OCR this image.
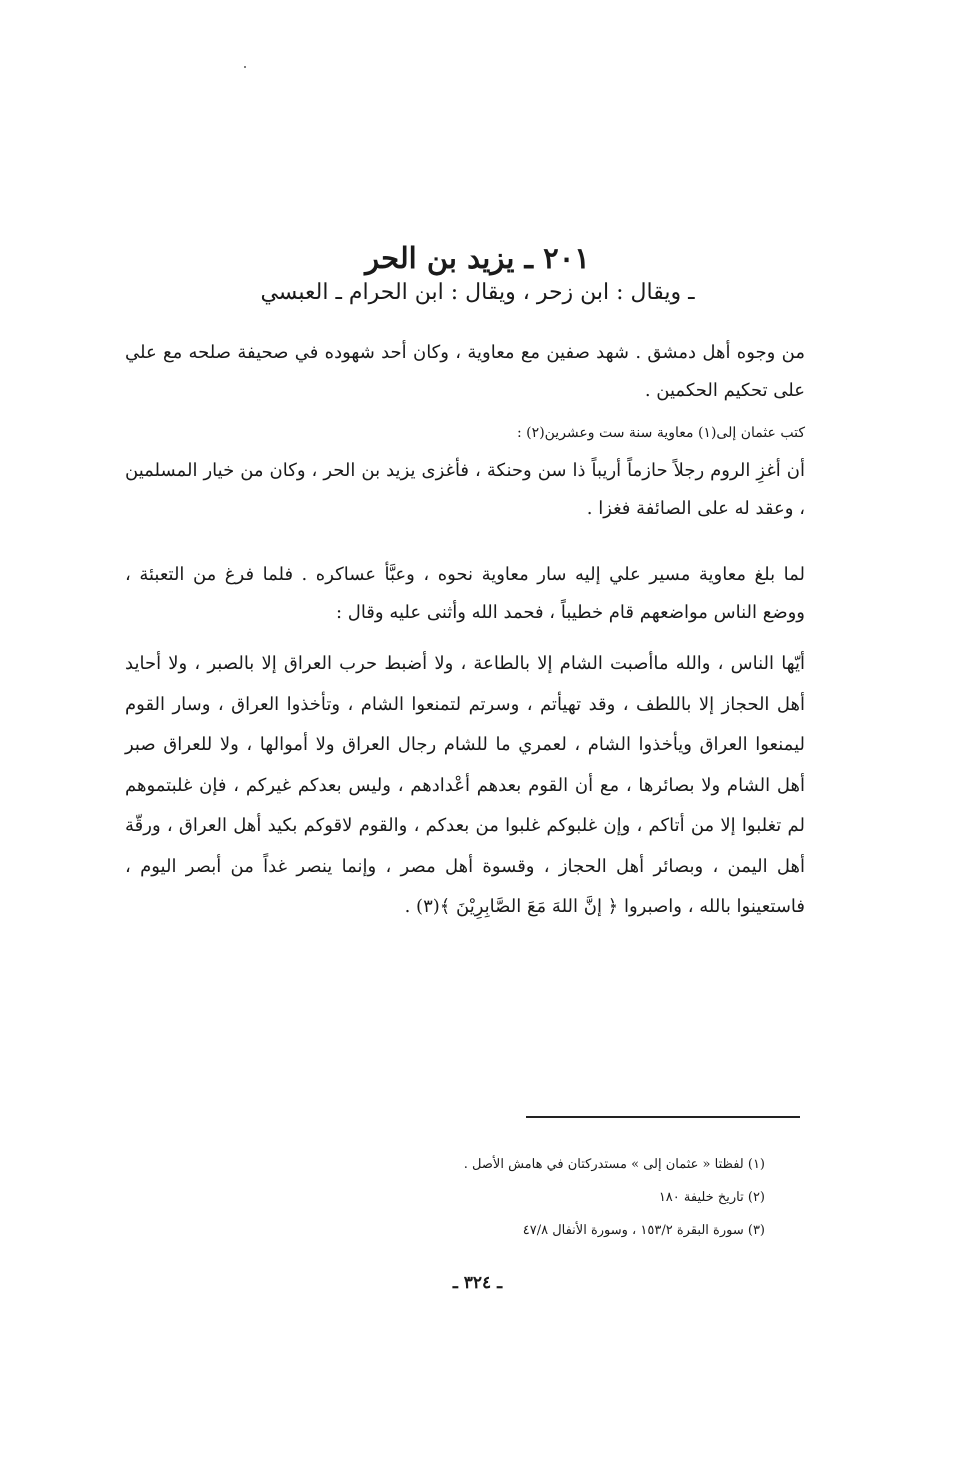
٢٠١ ـ يزيد بن الحر
ـ ويقال : ابن زحر ، ويقال : ابن الحرام ـ العبسي

من وجوه أهل دمشق . شهد صفين مع معاوية ، وكان أحد شهوده في صحيفة صلحه مع علي على تحكيم الحكمين .

كتب عثمان إلى(١) معاوية سنة ست وعشرين(٢) :

أن أغزِ الروم رجلاً حازماً أريباً ذا سن وحنكة ، فأغزى يزيد بن الحر ، وكان من خيار المسلمين ، وعقد له على الصائفة فغزا .

لما بلغ معاوية مسير علي إليه سار معاوية نحوه ، وعبَّأ عساكره . فلما فرغ من التعبئة ، ووضع الناس مواضعهم قام خطيباً ، فحمد الله وأثنى عليه وقال :

أيّها الناس ، والله ماأصبت الشام إلا بالطاعة ، ولا أضبط حرب العراق إلا بالصبر ، ولا أحايد أهل الحجاز إلا باللطف ، وقد تهيأتم ، وسرتم لتمنعوا الشام ، وتأخذوا العراق ، وسار القوم ليمنعوا العراق ويأخذوا الشام ، لعمري ما للشام رجال العراق ولا أموالها ، ولا للعراق صبر أهل الشام ولا بصائرها ، مع أن القوم بعدهم أعْدادهم ، وليس بعدكم غيركم ، فإن غلبتموهم لم تغلبوا إلا من أتاكم ، وإن غلبوكم غلبوا من بعدكم ، والقوم لاقوكم بكيد أهل العراق ، ورقّة أهل اليمن ، وبصائر أهل الحجاز ، وقسوة أهل مصر ، وإنما ينصر غداً من أبصر اليوم ، فاستعينوا بالله ، واصبروا ﴿ إنَّ اللهَ مَعَ الصَّابِرِيْنَ ﴾(٣) .

(١) لفظتا « عثمان إلى » مستدركتان في هامش الأصل .

(٢) تاريخ خليفة ١٨٠

(٣) سورة البقرة ١٥٣/٢ ، وسورة الأنفال ٤٧/٨

ـ ٣٢٤ ـ
